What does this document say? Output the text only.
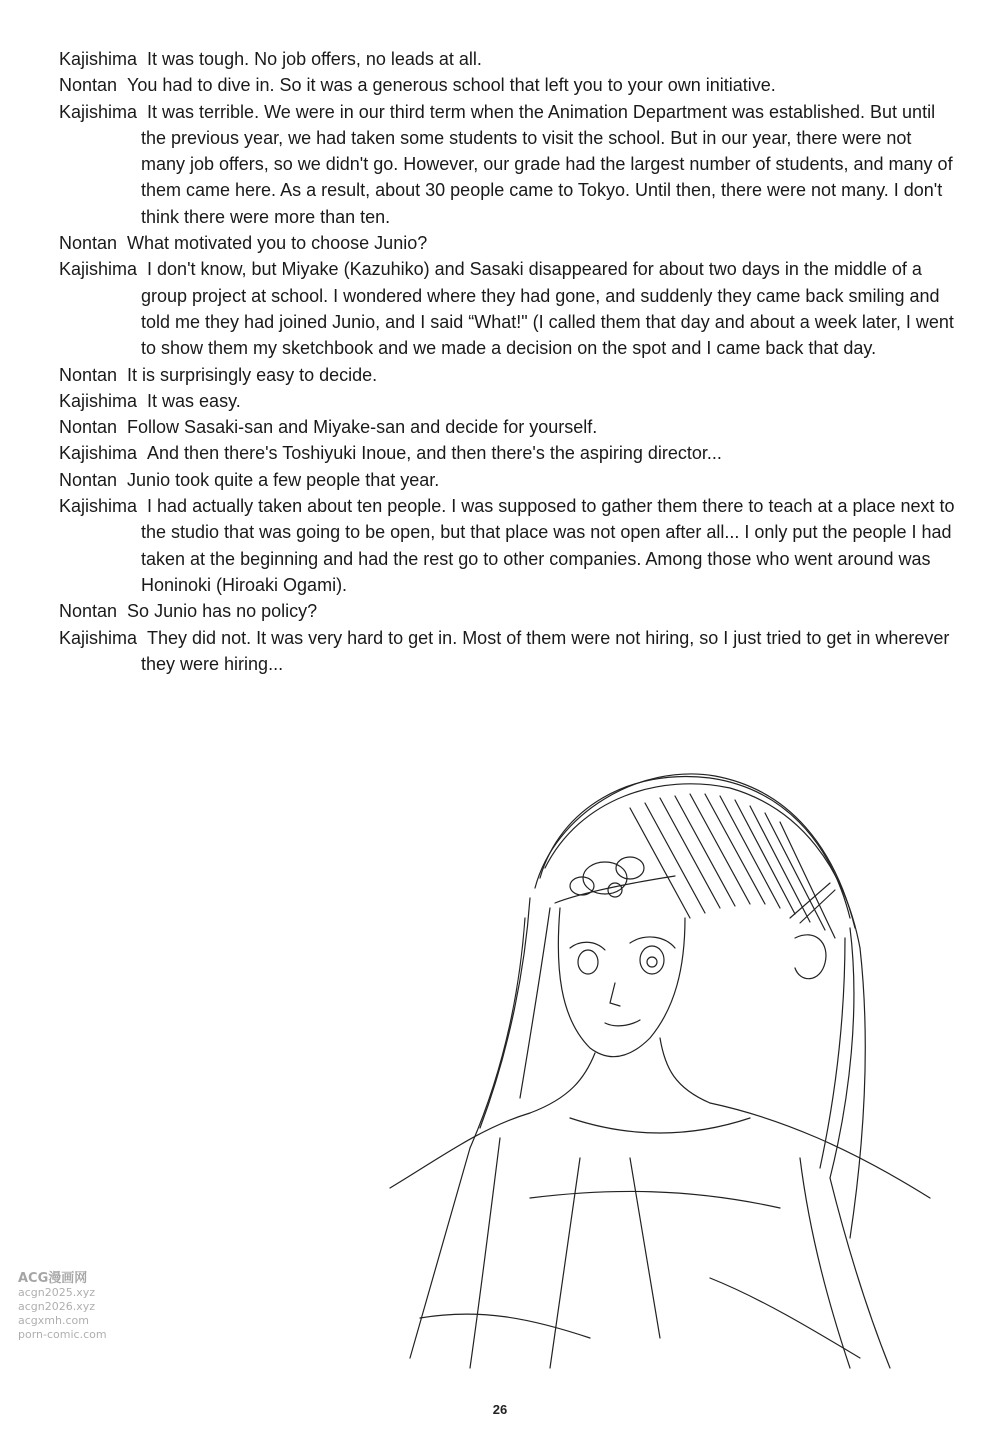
Kajishima It was tough. No job offers, no leads at all.
Nontan You had to dive in. So it was a generous school that left you to your own initiative.
Kajishima It was terrible. We were in our third term when the Animation Department was established. But until the previous year, we had taken some students to visit the school. But in our year, there were not many job offers, so we didn't go. However, our grade had the largest number of students, and many of them came here. As a result, about 30 people came to Tokyo. Until then, there were not many. I don't think there were more than ten.
Nontan What motivated you to choose Junio?
Kajishima I don't know, but Miyake (Kazuhiko) and Sasaki disappeared for about two days in the middle of a group project at school. I wondered where they had gone, and suddenly they came back smiling and told me they had joined Junio, and I said “What!" (I called them that day and about a week later, I went to show them my sketchbook and we made a decision on the spot and I came back that day.
Nontan It is surprisingly easy to decide.
Kajishima It was easy.
Nontan Follow Sasaki-san and Miyake-san and decide for yourself.
Kajishima And then there's Toshiyuki Inoue, and then there's the aspiring director...
Nontan Junio took quite a few people that year.
Kajishima I had actually taken about ten people. I was supposed to gather them there to teach at a place next to the studio that was going to be open, but that place was not open after all... I only put the people I had taken at the beginning and had the rest go to other companies. Among those who went around was Honinoki (Hiroaki Ogami).
Nontan So Junio has no policy?
Kajishima They did not. It was very hard to get in. Most of them were not hiring, so I just tried to get in wherever they were hiring...
ACG漫画网
acgn2025.xyz
acgn2026.xyz
acgxmh.com
porn-comic.com
26
